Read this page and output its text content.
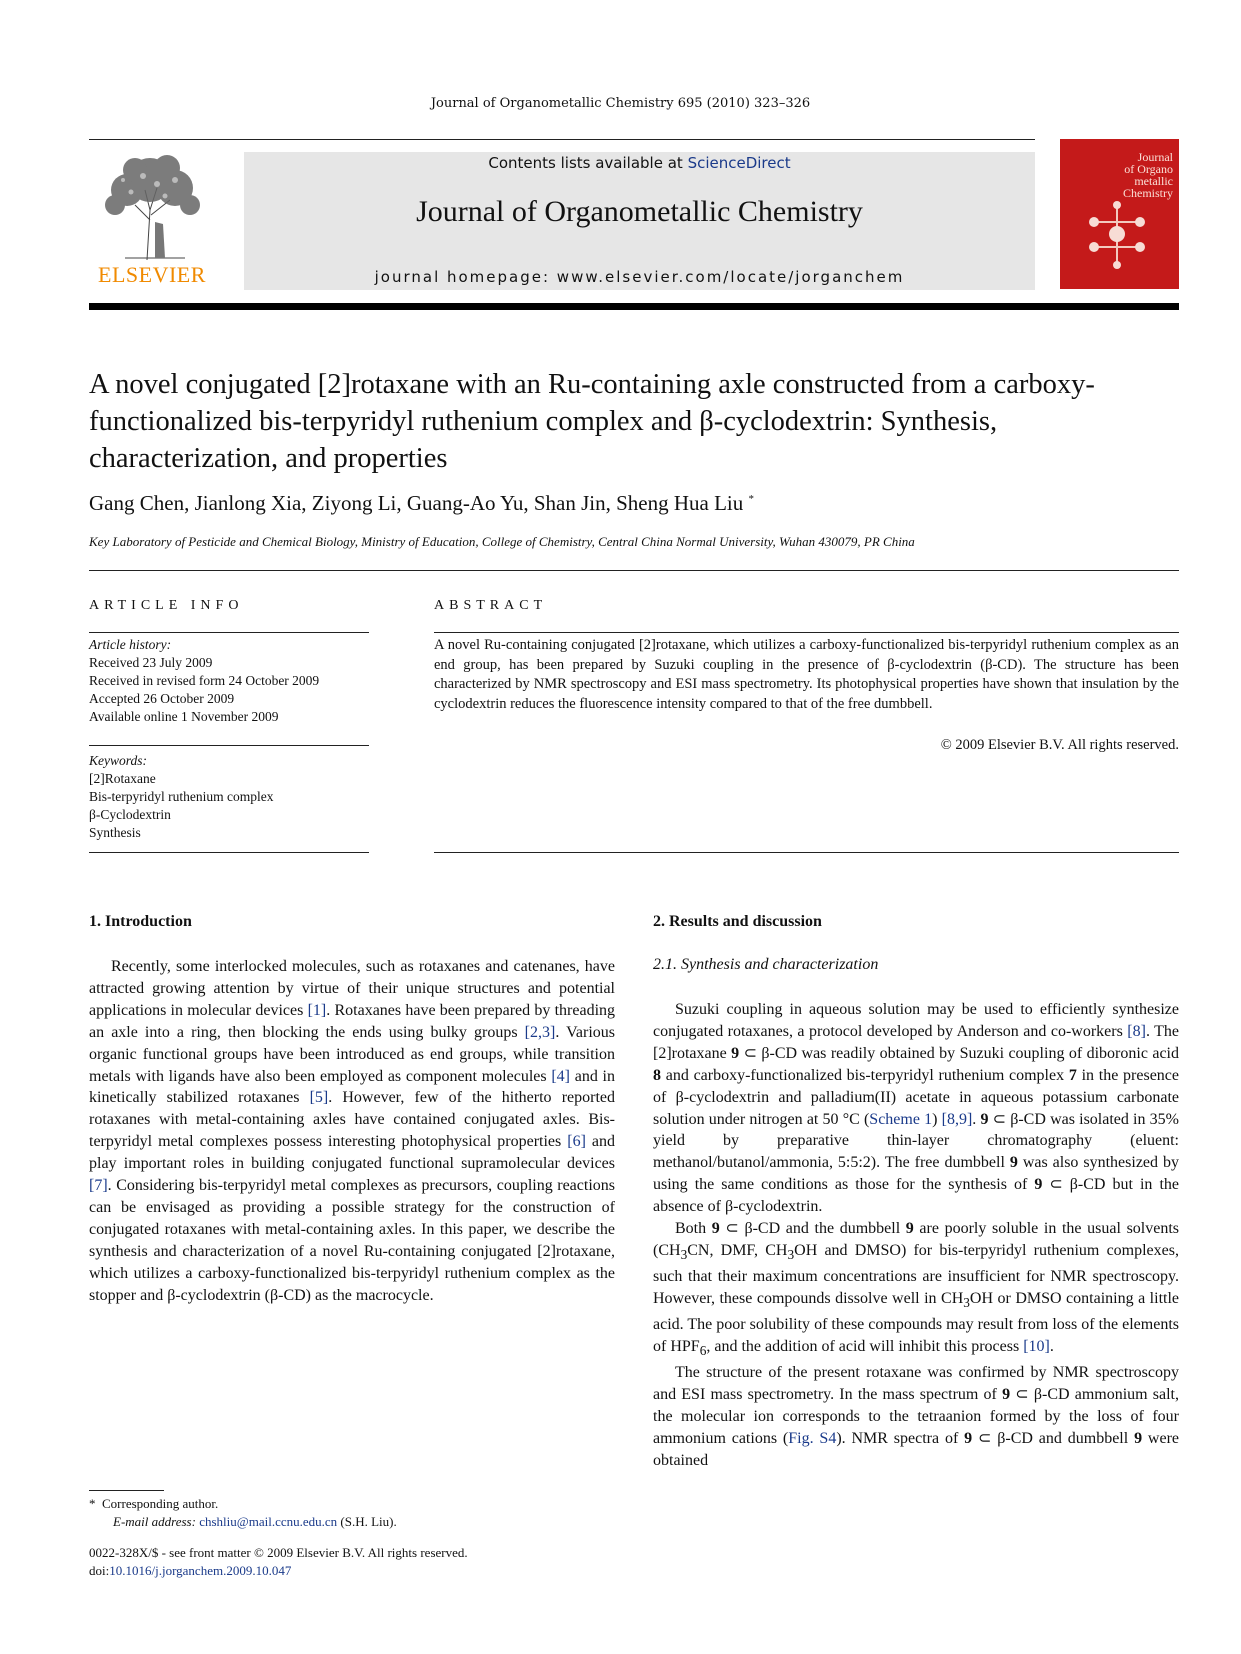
Journal of Organometallic Chemistry 695 (2010) 323–326
ELSEVIER
Contents lists available at ScienceDirect
Journal of Organometallic Chemistry
journal homepage: www.elsevier.com/locate/jorganchem
Journal
of Organo
metallic
Chemistry
A novel conjugated [2]rotaxane with an Ru-containing axle constructed from a carboxy-functionalized bis-terpyridyl ruthenium complex and β-cyclodextrin: Synthesis, characterization, and properties
Gang Chen, Jianlong Xia, Ziyong Li, Guang-Ao Yu, Shan Jin, Sheng Hua Liu *
Key Laboratory of Pesticide and Chemical Biology, Ministry of Education, College of Chemistry, Central China Normal University, Wuhan 430079, PR China
ARTICLE INFO
Article history:
Received 23 July 2009
Received in revised form 24 October 2009
Accepted 26 October 2009
Available online 1 November 2009
Keywords:
[2]Rotaxane
Bis-terpyridyl ruthenium complex
β-Cyclodextrin
Synthesis
ABSTRACT
A novel Ru-containing conjugated [2]rotaxane, which utilizes a carboxy-functionalized bis-terpyridyl ruthenium complex as an end group, has been prepared by Suzuki coupling in the presence of β-cyclodextrin (β-CD). The structure has been characterized by NMR spectroscopy and ESI mass spectrometry. Its photophysical properties have shown that insulation by the cyclodextrin reduces the fluorescence intensity compared to that of the free dumbbell.
© 2009 Elsevier B.V. All rights reserved.
1. Introduction

Recently, some interlocked molecules, such as rotaxanes and catenanes, have attracted growing attention by virtue of their unique structures and potential applications in molecular devices [1]. Rotaxanes have been prepared by threading an axle into a ring, then blocking the ends using bulky groups [2,3]. Various organic functional groups have been introduced as end groups, while transition metals with ligands have also been employed as component molecules [4] and in kinetically stabilized rotaxanes [5]. However, few of the hitherto reported rotaxanes with metal-containing axles have contained conjugated axles. Bis-terpyridyl metal complexes possess interesting photophysical properties [6] and play important roles in building conjugated functional supramolecular devices [7]. Considering bis-terpyridyl metal complexes as precursors, coupling reactions can be envisaged as providing a possible strategy for the construction of conjugated rotaxanes with metal-containing axles. In this paper, we describe the synthesis and characterization of a novel Ru-containing conjugated [2]rotaxane, which utilizes a carboxy-functionalized bis-terpyridyl ruthenium complex as the stopper and β-cyclodextrin (β-CD) as the macrocycle.

2. Results and discussion
2.1. Synthesis and characterization

Suzuki coupling in aqueous solution may be used to efficiently synthesize conjugated rotaxanes, a protocol developed by Anderson and co-workers [8]. The [2]rotaxane 9 ⊂ β-CD was readily obtained by Suzuki coupling of diboronic acid 8 and carboxy-functionalized bis-terpyridyl ruthenium complex 7 in the presence of β-cyclodextrin and palladium(II) acetate in aqueous potassium carbonate solution under nitrogen at 50 °C (Scheme 1) [8,9]. 9 ⊂ β-CD was isolated in 35% yield by preparative thin-layer chromatography (eluent: methanol/butanol/ammonia, 5:5:2). The free dumbbell 9 was also synthesized by using the same conditions as those for the synthesis of 9 ⊂ β-CD but in the absence of β-cyclodextrin.

Both 9 ⊂ β-CD and the dumbbell 9 are poorly soluble in the usual solvents ($CH_3CN$, DMF, $CH_3OH$ and DMSO) for bis-terpyridyl ruthenium complexes, such that their maximum concentrations are insufficient for NMR spectroscopy. However, these compounds dissolve well in $CH_3OH$ or DMSO containing a little acid. The poor solubility of these compounds may result from loss of the elements of $HPF_6$, and the addition of acid will inhibit this process [10].

The structure of the present rotaxane was confirmed by NMR spectroscopy and ESI mass spectrometry. In the mass spectrum of 9 ⊂ β-CD ammonium salt, the molecular ion corresponds to the tetraanion formed by the loss of four ammonium cations (Fig. S4). NMR spectra of 9 ⊂ β-CD and dumbbell 9 were obtained

* Corresponding author.
E-mail address: chshliu@mail.ccnu.edu.cn (S.H. Liu).
0022-328X/$ - see front matter © 2009 Elsevier B.V. All rights reserved.
doi:10.1016/j.jorganchem.2009.10.047
